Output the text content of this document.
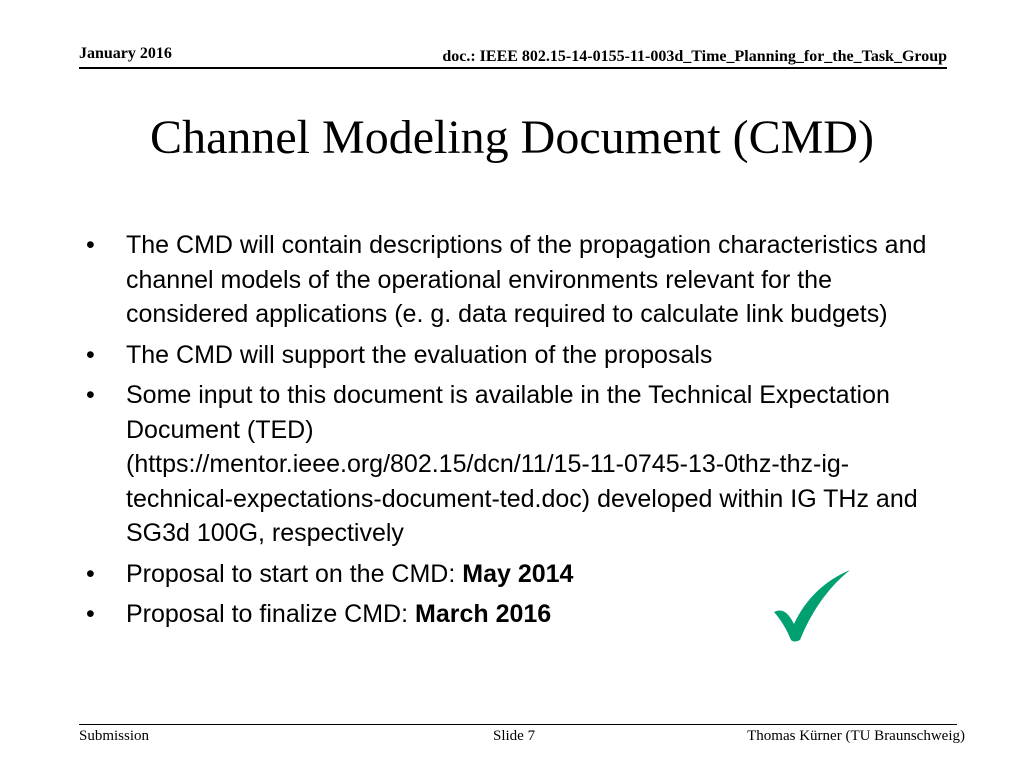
January 2016	doc.: IEEE 802.15-14-0155-11-003d_Time_Planning_for_the_Task_Group
Channel Modeling Document (CMD)
• The CMD will contain descriptions of the propagation characteristics and channel models of the operational environments relevant for the considered applications (e. g. data required to calculate link budgets)
• The CMD will support the evaluation of the proposals
• Some input to this document is available in the Technical Expectation Document (TED)
(https://mentor.ieee.org/802.15/dcn/11/15-11-0745-13-0thz-thz-ig-technical-expectations-document-ted.doc) developed within IG THz and SG3d 100G, respectively
• Proposal to start on the CMD: May 2014
• Proposal to finalize CMD: March 2016
Submission	Slide 7	Thomas Kürner (TU Braunschweig)
